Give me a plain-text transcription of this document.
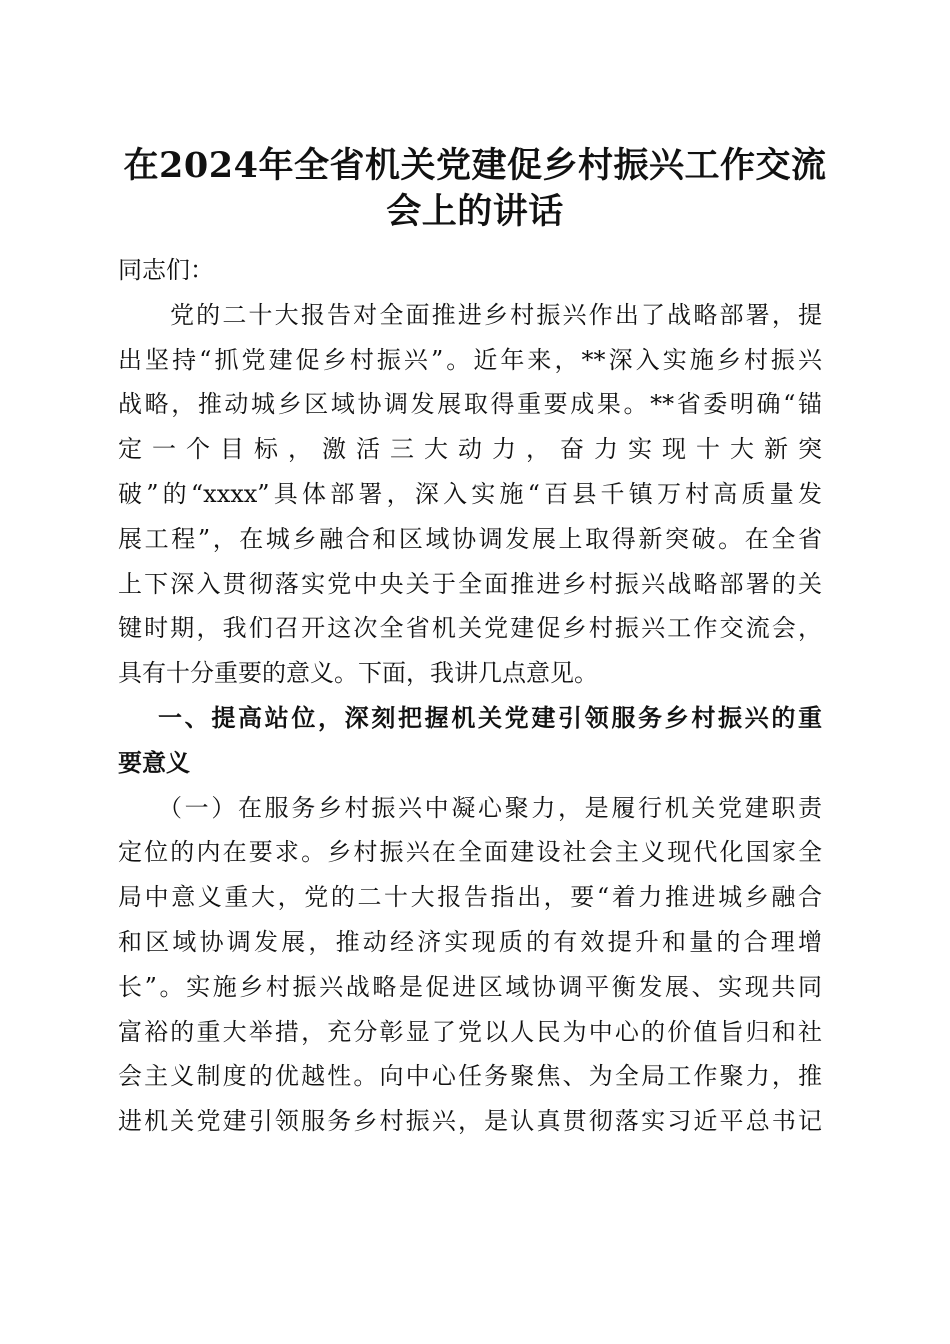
在2024年全省机关党建促乡村振兴工作交流
会上的讲话
同志们：
党的二十大报告对全面推进乡村振兴作出了战略部署，提
出坚持“抓党建促乡村振兴”。近年来，**深入实施乡村振兴
战略，推动城乡区域协调发展取得重要成果。**省委明确“锚
定一个目标，激活三大动力，奋力实现十大新突
破”的“xxxx”具体部署，深入实施“百县千镇万村高质量发
展工程”，在城乡融合和区域协调发展上取得新突破。在全省
上下深入贯彻落实党中央关于全面推进乡村振兴战略部署的关
键时期，我们召开这次全省机关党建促乡村振兴工作交流会，
具有十分重要的意义。下面，我讲几点意见。
一、提高站位，深刻把握机关党建引领服务乡村振兴的重
要意义
（一）在服务乡村振兴中凝心聚力，是履行机关党建职责
定位的内在要求。乡村振兴在全面建设社会主义现代化国家全
局中意义重大，党的二十大报告指出，要“着力推进城乡融合
和区域协调发展，推动经济实现质的有效提升和量的合理增
长”。实施乡村振兴战略是促进区域协调平衡发展、实现共同
富裕的重大举措，充分彰显了党以人民为中心的价值旨归和社
会主义制度的优越性。向中心任务聚焦、为全局工作聚力，推
进机关党建引领服务乡村振兴，是认真贯彻落实习近平总书记
